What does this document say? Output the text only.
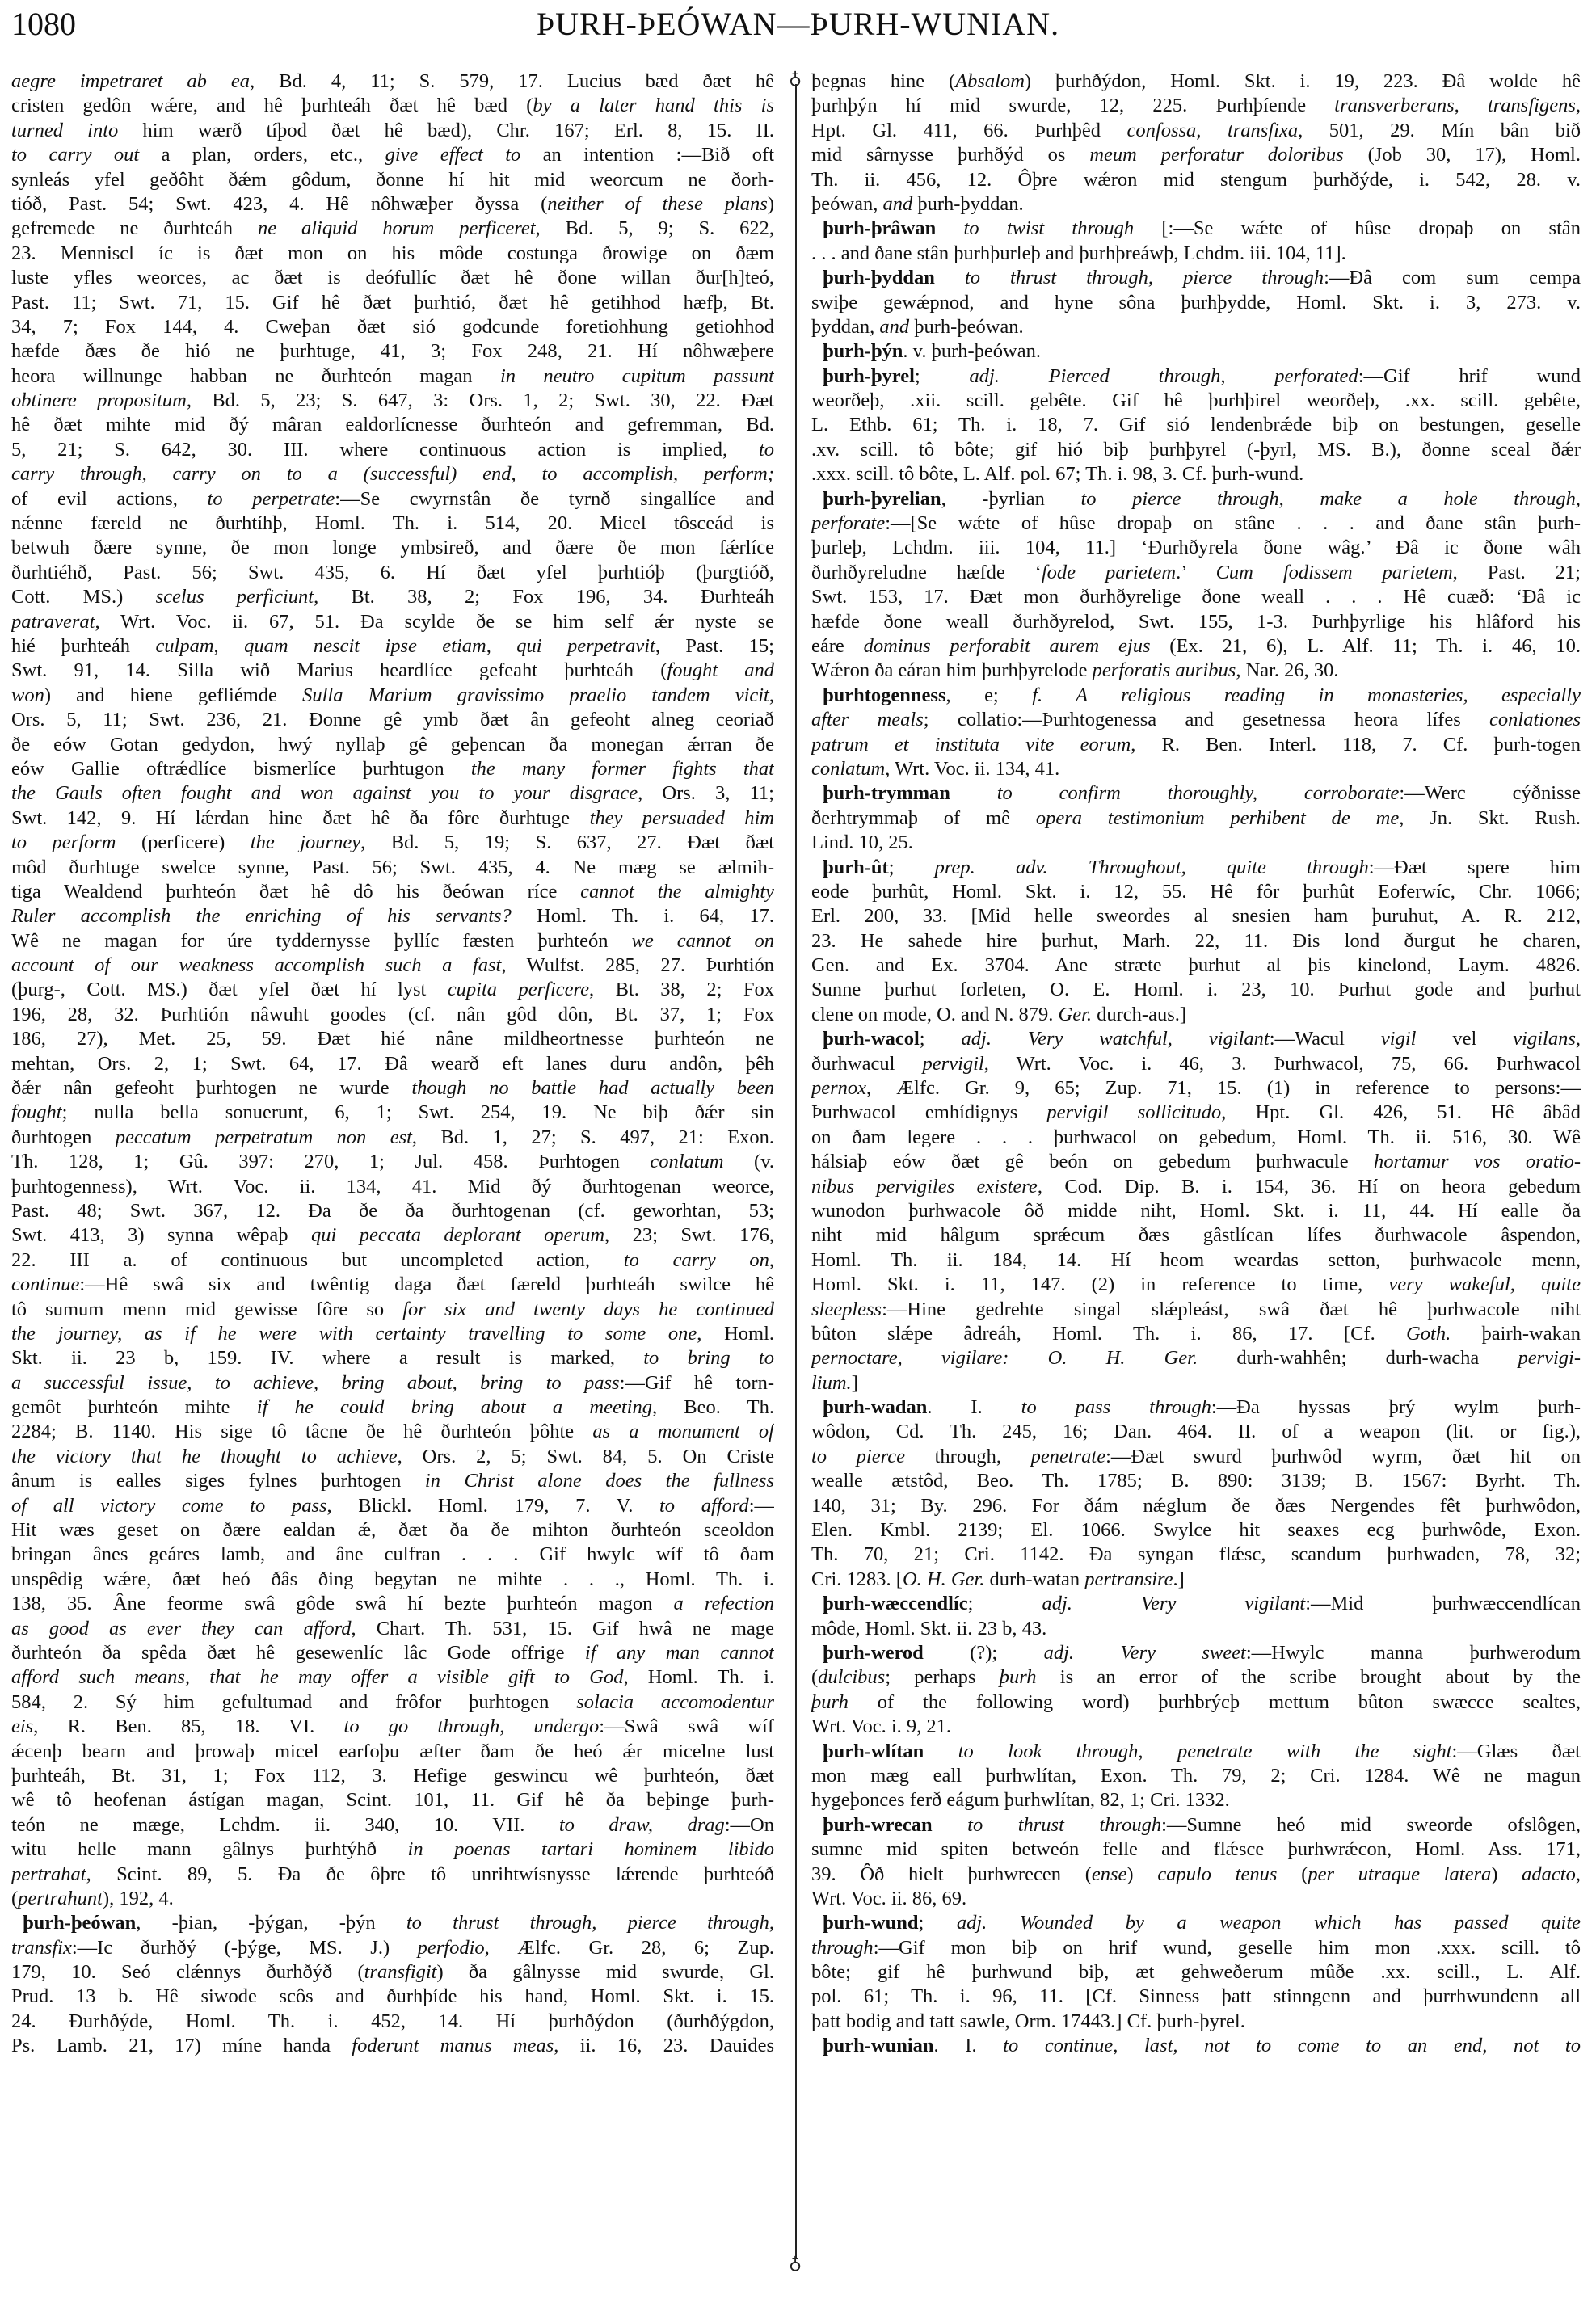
1080	ÞURH-ÞEÓWAN—ÞURH-WUNIAN.
♁
♁
aegre impetraret ab ea, Bd. 4, 11; S. 579, 17. Lucius bæd ðæt hê
cristen gedôn wǽre, and hê þurhteáh ðæt hê bæd (by a later hand this is
turned into him wærð tíþod ðæt hê bæd), Chr. 167; Erl. 8, 15. II.
to carry out a plan, orders, etc., give effect to an intention :—Bið oft
synleás yfel geðôht ðǽm gôdum, ðonne hí hit mid weorcum ne ðorh-
tióð, Past. 54; Swt. 423, 4. Hê nôhwæþer ðyssa (neither of these plans)
gefremede ne ðurhteáh ne aliquid horum perficeret, Bd. 5, 9; S. 622,
23. Menniscl íc is ðæt mon on his môde costunga ðrowige on ðæm
luste yfles weorces, ac ðæt is deófullíc ðæt hê ðone willan ður[h]teó,
Past. 11; Swt. 71, 15. Gif hê ðæt þurhtió, ðæt hê getihhod hæfþ, Bt.
34, 7; Fox 144, 4. Cweþan ðæt sió godcunde foretiohhung getiohhod
hæfde ðæs ðe hió ne þurhtuge, 41, 3; Fox 248, 21. Hí nôhwæþere
heora willnunge habban ne ðurhteón magan in neutro cupitum passunt
obtinere propositum, Bd. 5, 23; S. 647, 3: Ors. 1, 2; Swt. 30, 22. Ðæt
hê ðæt mihte mid ðý mâran ealdorlícnesse ðurhteón and gefremman, Bd.
5, 21; S. 642, 30. III. where continuous action is implied, to
carry through, carry on to a (successful) end, to accomplish, perform;
of evil actions, to perpetrate:—Se cwyrnstân ðe tyrnð singallíce and
nǽnne færeld ne ðurhtíhþ, Homl. Th. i. 514, 20. Micel tôsceád is
betwuh ðære synne, ðe mon longe ymbsireð, and ðære ðe mon fǽrlíce
ðurhtiéhð, Past. 56; Swt. 435, 6. Hí ðæt yfel þurhtióþ (þurgtióð,
Cott. MS.) scelus perficiunt, Bt. 38, 2; Fox 196, 34. Ðurhteáh
patraverat, Wrt. Voc. ii. 67, 51. Ða scylde ðe se him self ǽr nyste se
hié þurhteáh culpam, quam nescit ipse etiam, qui perpetravit, Past. 15;
Swt. 91, 14. Silla wið Marius heardlíce gefeaht þurhteáh (fought and
won) and hiene gefliémde Sulla Marium gravissimo praelio tandem vicit,
Ors. 5, 11; Swt. 236, 21. Ðonne gê ymb ðæt ân gefeoht alneg ceoriað
ðe eów Gotan gedydon, hwý nyllaþ gê geþencan ða monegan ǽrran ðe
eów Gallie oftrǽdlíce bismerlíce þurhtugon the many former fights that
the Gauls often fought and won against you to your disgrace, Ors. 3, 11;
Swt. 142, 9. Hí lǽrdan hine ðæt hê ða fôre ðurhtuge they persuaded him
to perform (perficere) the journey, Bd. 5, 19; S. 637, 27. Ðæt ðæt
môd ðurhtuge swelce synne, Past. 56; Swt. 435, 4. Ne mæg se ælmih-
tiga Wealdend þurhteón ðæt hê dô his ðeówan ríce cannot the almighty
Ruler accomplish the enriching of his servants? Homl. Th. i. 64, 17.
Wê ne magan for úre tyddernysse þyllíc fæsten þurhteón we cannot on
account of our weakness accomplish such a fast, Wulfst. 285, 27. Þurhtión
(þurg-, Cott. MS.) ðæt yfel ðæt hí lyst cupita perficere, Bt. 38, 2; Fox
196, 28, 32. Þurhtión nâwuht goodes (cf. nân gôd dôn, Bt. 37, 1; Fox
186, 27), Met. 25, 59. Ðæt hié nâne mildheortnesse þurhteón ne
mehtan, Ors. 2, 1; Swt. 64, 17. Ðâ wearð eft lanes duru andôn, þêh
ðǽr nân gefeoht þurhtogen ne wurde though no battle had actually been
fought; nulla bella sonuerunt, 6, 1; Swt. 254, 19. Ne biþ ðǽr sin
ðurhtogen peccatum perpetratum non est, Bd. 1, 27; S. 497, 21: Exon.
Th. 128, 1; Gû. 397: 270, 1; Jul. 458. Þurhtogen conlatum (v.
þurhtogenness), Wrt. Voc. ii. 134, 41. Mid ðý ðurhtogenan weorce,
Past. 48; Swt. 367, 12. Ða ðe ða ðurhtogenan (cf. geworhtan, 53;
Swt. 413, 3) synna wêpaþ qui peccata deplorant operum, 23; Swt. 176,
22. III a. of continuous but uncompleted action, to carry on,
continue:—Hê swâ six and twêntig daga ðæt færeld þurhteáh swilce hê
tô sumum menn mid gewisse fôre so for six and twenty days he continued
the journey, as if he were with certainty travelling to some one, Homl.
Skt. ii. 23 b, 159. IV. where a result is marked, to bring to
a successful issue, to achieve, bring about, bring to pass:—Gif hê torn-
gemôt þurhteón mihte if he could bring about a meeting, Beo. Th.
2284; B. 1140. His sige tô tâcne ðe hê ðurhteón þôhte as a monument of
the victory that he thought to achieve, Ors. 2, 5; Swt. 84, 5. On Criste
ânum is ealles siges fylnes þurhtogen in Christ alone does the fullness
of all victory come to pass, Blickl. Homl. 179, 7. V. to afford:—
Hit wæs geset on ðære ealdan ǽ, ðæt ða ðe mihton ðurhteón sceoldon
bringan ânes geáres lamb, and âne culfran . . . Gif hwylc wíf tô ðam
unspêdig wǽre, ðæt heó ðâs ðing begytan ne mihte . . ., Homl. Th. i.
138, 35. Âne feorme swâ gôde swâ hí bezte þurhteón magon a refection
as good as ever they can afford, Chart. Th. 531, 15. Gif hwâ ne mage
ðurhteón ða spêda ðæt hê gesewenlíc lâc Gode offrige if any man cannot
afford such means, that he may offer a visible gift to God, Homl. Th. i.
584, 2. Sý him gefultumad and frôfor þurhtogen solacia accomodentur
eis, R. Ben. 85, 18. VI. to go through, undergo:—Swâ swâ wíf
ǽcenþ bearn and þrowaþ micel earfoþu æfter ðam ðe heó ǽr micelne lust
þurhteáh, Bt. 31, 1; Fox 112, 3. Hefige geswincu wê þurhteón, ðæt
wê tô heofenan ástígan magan, Scint. 101, 11. Gif hê ða beþinge þurh-
teón ne mæge, Lchdm. ii. 340, 10. VII. to draw, drag:—On
witu helle mann gâlnys þurhtýhð in poenas tartari hominem libido
pertrahat, Scint. 89, 5. Ða ðe ôþre tô unrihtwísnysse lǽrende þurhteóð
(pertrahunt), 192, 4.
þurh-þeówan, -þian, -þýgan, -þýn to thrust through, pierce through,
transfix:—Ic ðurhðý (-þýge, MS. J.) perfodio, Ælfc. Gr. 28, 6; Zup.
179, 10. Seó clǽnnys ðurhðýð (transfigit) ða gâlnysse mid swurde, Gl.
Prud. 13 b. Hê siwode scôs and ðurhþíde his hand, Homl. Skt. i. 15.
24. Ðurhðýde, Homl. Th. i. 452, 14. Hí þurhðýdon (ðurhðýgdon,
Ps. Lamb. 21, 17) míne handa foderunt manus meas, ii. 16, 23. Dauides
þegnas hine (Absalom) þurhðýdon, Homl. Skt. i. 19, 223. Ðâ wolde hê
þurhþýn hí mid swurde, 12, 225. Þurhþíende transverberans, transfigens,
Hpt. Gl. 411, 66. Þurhþêd confossa, transfixa, 501, 29. Mín bân bið
mid sârnysse þurhðýd os meum perforatur doloribus (Job 30, 17), Homl.
Th. ii. 456, 12. Ôþre wǽron mid stengum þurhðýde, i. 542, 28. v.
þeówan, and þurh-þyddan.
þurh-þrâwan to twist through [:—Se wǽte of hûse dropaþ on stân
. . . and ðane stân þurhþurleþ and þurhþreáwþ, Lchdm. iii. 104, 11].
þurh-þyddan to thrust through, pierce through:—Ðâ com sum cempa
swiþe gewǽpnod, and hyne sôna þurhþydde, Homl. Skt. i. 3, 273. v.
þyddan, and þurh-þeówan.
þurh-þýn. v. þurh-þeówan.
þurh-þyrel; adj. Pierced through, perforated:—Gif hrif wund
weorðeþ, .xii. scill. gebête. Gif hê þurhþirel weorðeþ, .xx. scill. gebête,
L. Ethb. 61; Th. i. 18, 7. Gif sió lendenbrǽde biþ on bestungen, geselle
.xv. scill. tô bôte; gif hió biþ þurhþyrel (-þyrl, MS. B.), ðonne sceal ðǽr
.xxx. scill. tô bôte, L. Alf. pol. 67; Th. i. 98, 3. Cf. þurh-wund.
þurh-þyrelian, -þyrlian to pierce through, make a hole through,
perforate:—[Se wǽte of hûse dropaþ on stâne . . . and ðane stân þurh-
þurleþ, Lchdm. iii. 104, 11.] ‘Ðurhðyrela ðone wâg.’ Ðâ ic ðone wâh
ðurhðyreludne hæfde ‘fode parietem.’ Cum fodissem parietem, Past. 21;
Swt. 153, 17. Ðæt mon ðurhðyrelige ðone weall . . . Hê cuæð: ‘Ðâ ic
hæfde ðone weall ðurhðyrelod, Swt. 155, 1-3. Þurhþyrlige his hlâford his
eáre dominus perforabit aurem ejus (Ex. 21, 6), L. Alf. 11; Th. i. 46, 10.
Wǽron ða eáran him þurhþyrelode perforatis auribus, Nar. 26, 30.
þurhtogenness, e; f. A religious reading in monasteries, especially
after meals; collatio:—Þurhtogenessa and gesetnessa heora lífes conlationes
patrum et instituta vite eorum, R. Ben. Interl. 118, 7. Cf. þurh-togen
conlatum, Wrt. Voc. ii. 134, 41.
þurh-trymman to confirm thoroughly, corroborate:—Werc cýðnisse
ðerhtrymmaþ of mê opera testimonium perhibent de me, Jn. Skt. Rush.
Lind. 10, 25.
þurh-ût; prep. adv. Throughout, quite through:—Ðæt spere him
eode þurhût, Homl. Skt. i. 12, 55. Hê fôr þurhût Eoferwíc, Chr. 1066;
Erl. 200, 33. [Mid helle sweordes al snesien ham þuruhut, A. R. 212,
23. He sahede hire þurhut, Marh. 22, 11. Ðis lond ðurgut he charen,
Gen. and Ex. 3704. Ane stræte þurhut al þis kinelond, Laym. 4826.
Sunne þurhut forleten, O. E. Homl. i. 23, 10. Þurhut gode and þurhut
clene on mode, O. and N. 879. Ger. durch-aus.]
þurh-wacol; adj. Very watchful, vigilant:—Wacul vigil vel vigilans,
ðurhwacul pervigil, Wrt. Voc. i. 46, 3. Þurhwacol, 75, 66. Þurhwacol
pernox, Ælfc. Gr. 9, 65; Zup. 71, 15. (1) in reference to persons:—
Þurhwacol emhídignys pervigil sollicitudo, Hpt. Gl. 426, 51. Hê âbâd
on ðam legere . . . þurhwacol on gebedum, Homl. Th. ii. 516, 30. Wê
hálsiaþ eów ðæt gê beón on gebedum þurhwacule hortamur vos oratio-
nibus pervigiles existere, Cod. Dip. B. i. 154, 36. Hí on heora gebedum
wunodon þurhwacole ôð midde niht, Homl. Skt. i. 11, 44. Hí ealle ða
niht mid hâlgum sprǽcum ðæs gâstlícan lífes ðurhwacole âspendon,
Homl. Th. ii. 184, 14. Hí heom weardas setton, þurhwacole menn,
Homl. Skt. i. 11, 147. (2) in reference to time, very wakeful, quite
sleepless:—Hine gedrehte singal slǽpleást, swâ ðæt hê þurhwacole niht
bûton slǽpe âdreáh, Homl. Th. i. 86, 17. [Cf. Goth. þairh-wakan
pernoctare, vigilare: O. H. Ger. durh-wahhên; durh-wacha pervigi-
lium.]
þurh-wadan. I. to pass through:—Ða hyssas þrý wylm þurh-
wôdon, Cd. Th. 245, 16; Dan. 464. II. of a weapon (lit. or fig.),
to pierce through, penetrate:—Ðæt swurd þurhwôd wyrm, ðæt hit on
wealle ætstôd, Beo. Th. 1785; B. 890: 3139; B. 1567: Byrht. Th.
140, 31; By. 296. For ðám nǽglum ðe ðæs Nergendes fêt þurhwôdon,
Elen. Kmbl. 2139; El. 1066. Swylce hit seaxes ecg þurhwôde, Exon.
Th. 70, 21; Cri. 1142. Ða syngan flǽsc, scandum þurhwaden, 78, 32;
Cri. 1283. [O. H. Ger. durh-watan pertransire.]
þurh-wæccendlíc; adj. Very vigilant:—Mid þurhwæccendlícan
môde, Homl. Skt. ii. 23 b, 43.
þurh-werod (?); adj. Very sweet:—Hwylc manna þurhwerodum
(dulcibus; perhaps þurh is an error of the scribe brought about by the
þurh of the following word) þurhbrýcþ mettum bûton swæcce sealtes,
Wrt. Voc. i. 9, 21.
þurh-wlítan to look through, penetrate with the sight:—Glæs ðæt
mon mæg eall þurhwlítan, Exon. Th. 79, 2; Cri. 1284. Wê ne magun
hygeþonces ferð eágum þurhwlítan, 82, 1; Cri. 1332.
þurh-wrecan to thrust through:—Sumne heó mid sweorde ofslôgen,
sumne mid spiten betweón felle and flǽsce þurhwrǽcon, Homl. Ass. 171,
39. Ôð hielt þurhwrecen (ense) capulo tenus (per utraque latera) adacto,
Wrt. Voc. ii. 86, 69.
þurh-wund; adj. Wounded by a weapon which has passed quite
through:—Gif mon biþ on hrif wund, geselle him mon .xxx. scill. tô
bôte; gif hê þurhwund biþ, æt gehweðerum mûðe .xx. scill., L. Alf.
pol. 61; Th. i. 96, 11. [Cf. Sinness þatt stinngenn and þurrhwundenn all
þatt bodig and tatt sawle, Orm. 17443.] Cf. þurh-þyrel.
þurh-wunian. I. to continue, last, not to come to an end, not to
